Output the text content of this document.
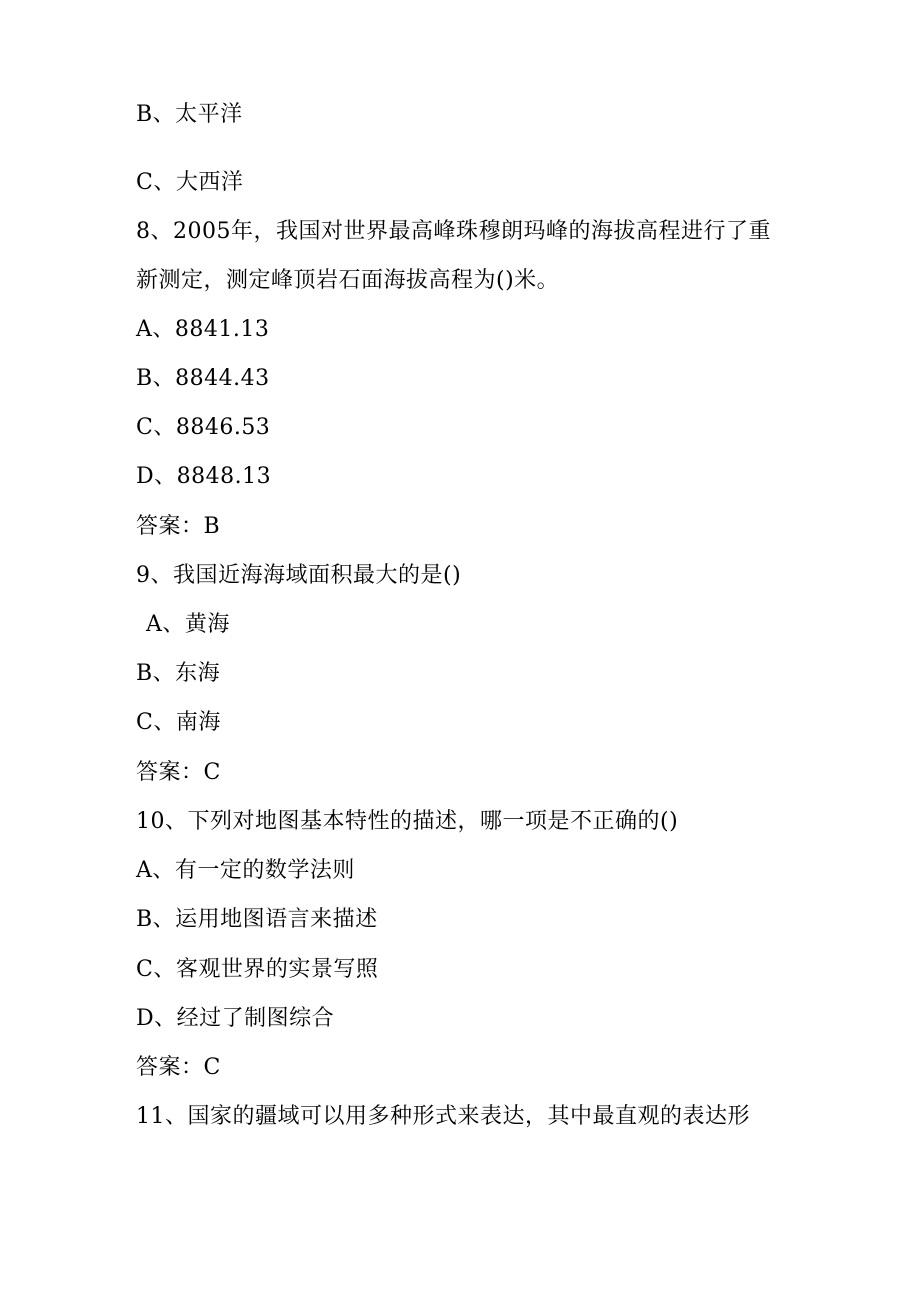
B、太平洋
C、大西洋
8、2005年，我国对世界最高峰珠穆朗玛峰的海拔高程进行了重
新测定，测定峰顶岩石面海拔高程为()米。
A、8841.13
B、8844.43
C、8846.53
D、8848.13
答案：B
9、我国近海海域面积最大的是()
A、黄海
B、东海
C、南海
答案：C
10、下列对地图基本特性的描述，哪一项是不正确的()
A、有一定的数学法则
B、运用地图语言来描述
C、客观世界的实景写照
D、经过了制图综合
答案：C
11、国家的疆域可以用多种形式来表达，其中最直观的表达形
